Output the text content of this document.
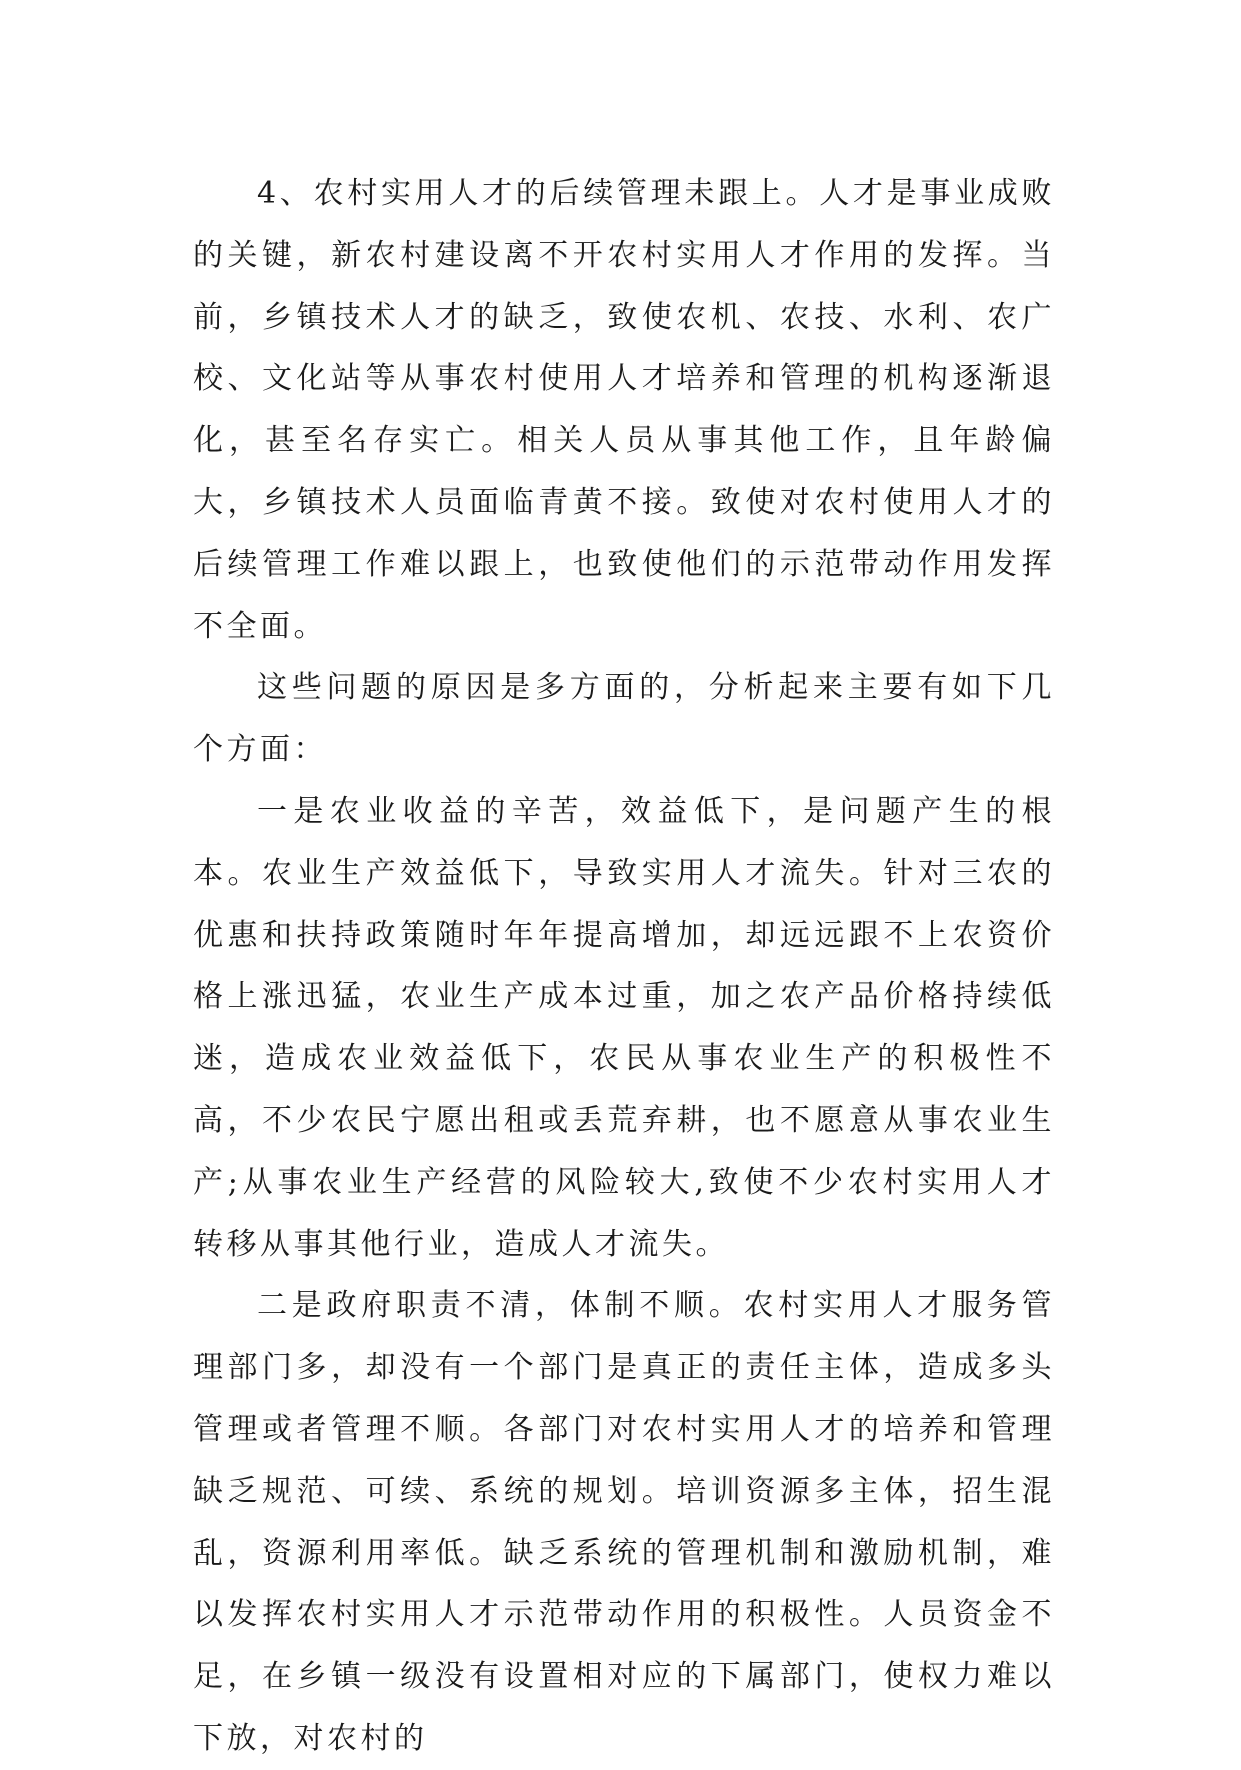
4、农村实用人才的后续管理未跟上。人才是事业成败的关键，新农村建设离不开农村实用人才作用的发挥。当前，乡镇技术人才的缺乏，致使农机、农技、水利、农广校、文化站等从事农村使用人才培养和管理的机构逐渐退化，甚至名存实亡。相关人员从事其他工作，且年龄偏大，乡镇技术人员面临青黄不接。致使对农村使用人才的后续管理工作难以跟上，也致使他们的示范带动作用发挥不全面。

这些问题的原因是多方面的，分析起来主要有如下几个方面：

一是农业收益的辛苦，效益低下，是问题产生的根本。农业生产效益低下，导致实用人才流失。针对三农的优惠和扶持政策随时年年提高增加，却远远跟不上农资价格上涨迅猛，农业生产成本过重，加之农产品价格持续低迷，造成农业效益低下，农民从事农业生产的积极性不高，不少农民宁愿出租或丢荒弃耕，也不愿意从事农业生产;从事农业生产经营的风险较大,致使不少农村实用人才转移从事其他行业，造成人才流失。

二是政府职责不清，体制不顺。农村实用人才服务管理部门多，却没有一个部门是真正的责任主体，造成多头管理或者管理不顺。各部门对农村实用人才的培养和管理缺乏规范、可续、系统的规划。培训资源多主体，招生混乱，资源利用率低。缺乏系统的管理机制和激励机制，难以发挥农村实用人才示范带动作用的积极性。人员资金不足，在乡镇一级没有设置相对应的下属部门，使权力难以下放，对农村的
